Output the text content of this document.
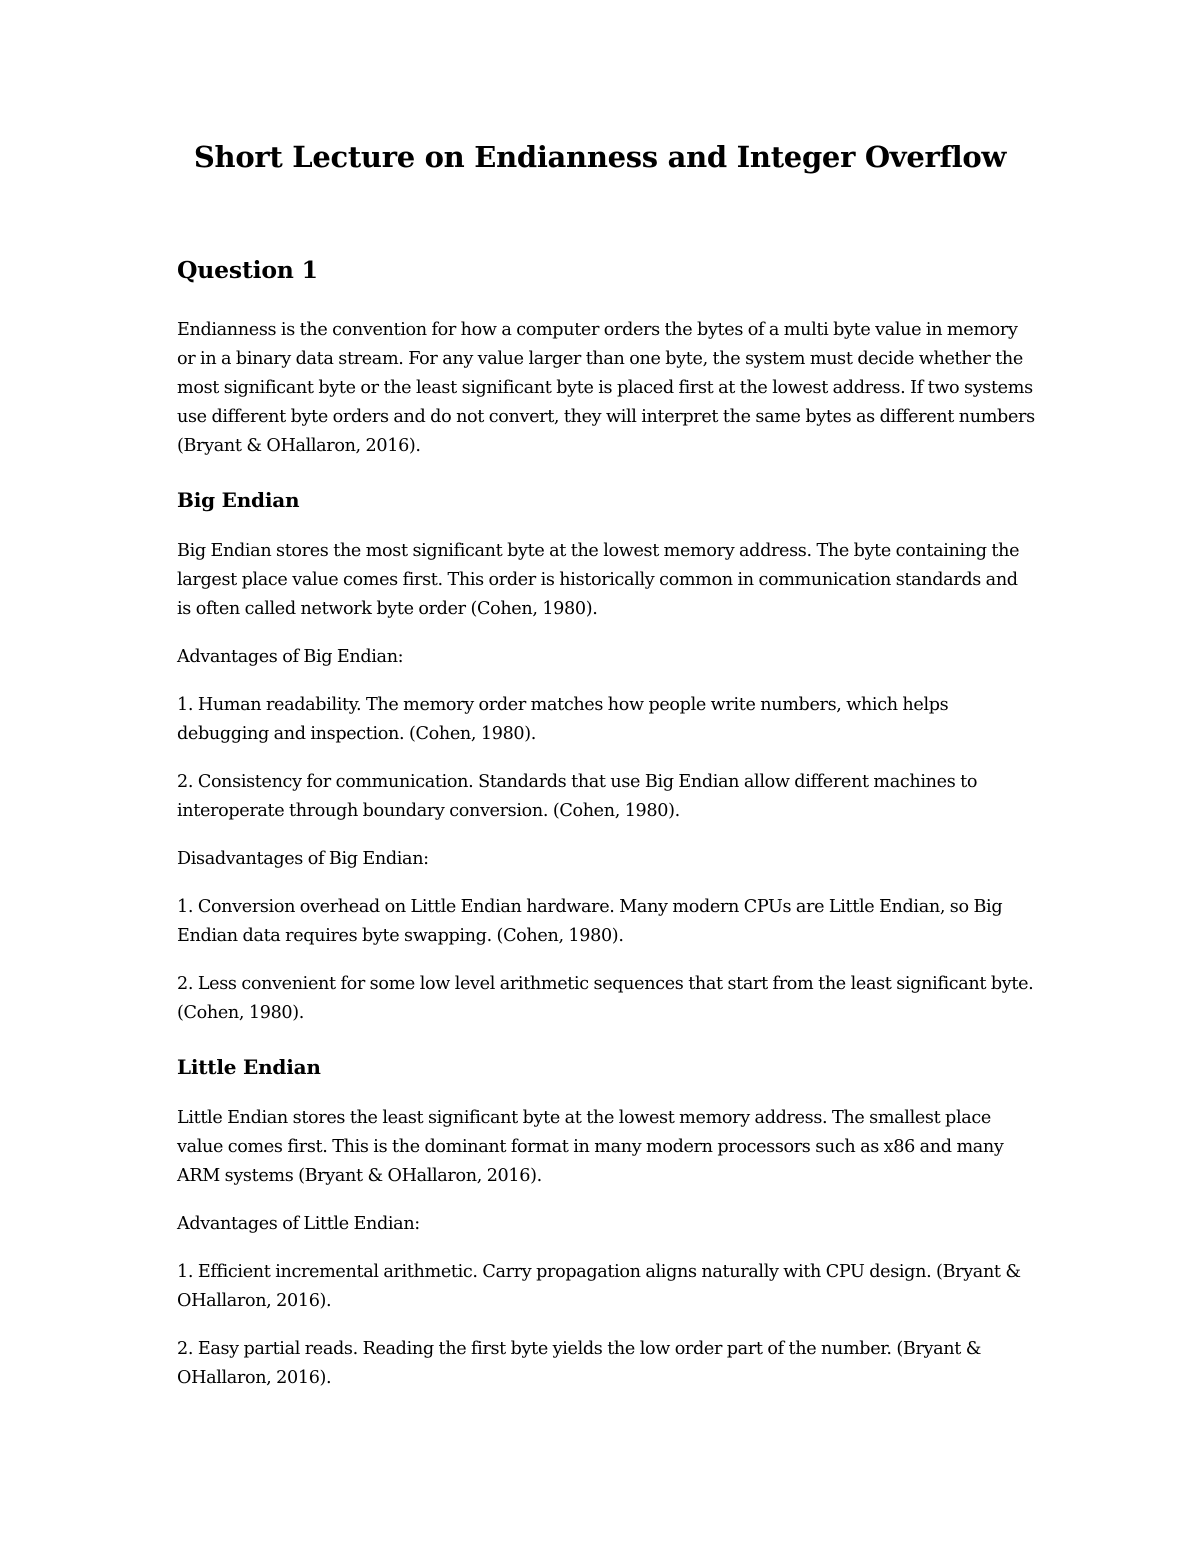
Short Lecture on Endianness and Integer Overflow
Question 1

Endianness is the convention for how a computer orders the bytes of a multi byte value in memory or in a binary data stream. For any value larger than one byte, the system must decide whether the most significant byte or the least significant byte is placed first at the lowest address. If two systems use different byte orders and do not convert, they will interpret the same bytes as different numbers (Bryant & OHallaron, 2016).

Big Endian

Big Endian stores the most significant byte at the lowest memory address. The byte containing the largest place value comes first. This order is historically common in communication standards and is often called network byte order (Cohen, 1980).

Advantages of Big Endian:

1. Human readability. The memory order matches how people write numbers, which helps debugging and inspection. (Cohen, 1980).

2. Consistency for communication. Standards that use Big Endian allow different machines to interoperate through boundary conversion. (Cohen, 1980).

Disadvantages of Big Endian:

1. Conversion overhead on Little Endian hardware. Many modern CPUs are Little Endian, so Big Endian data requires byte swapping. (Cohen, 1980).

2. Less convenient for some low level arithmetic sequences that start from the least significant byte. (Cohen, 1980).

Little Endian

Little Endian stores the least significant byte at the lowest memory address. The smallest place value comes first. This is the dominant format in many modern processors such as x86 and many ARM systems (Bryant & OHallaron, 2016).

Advantages of Little Endian:

1. Efficient incremental arithmetic. Carry propagation aligns naturally with CPU design. (Bryant & OHallaron, 2016).

2. Easy partial reads. Reading the first byte yields the low order part of the number. (Bryant & OHallaron, 2016).
